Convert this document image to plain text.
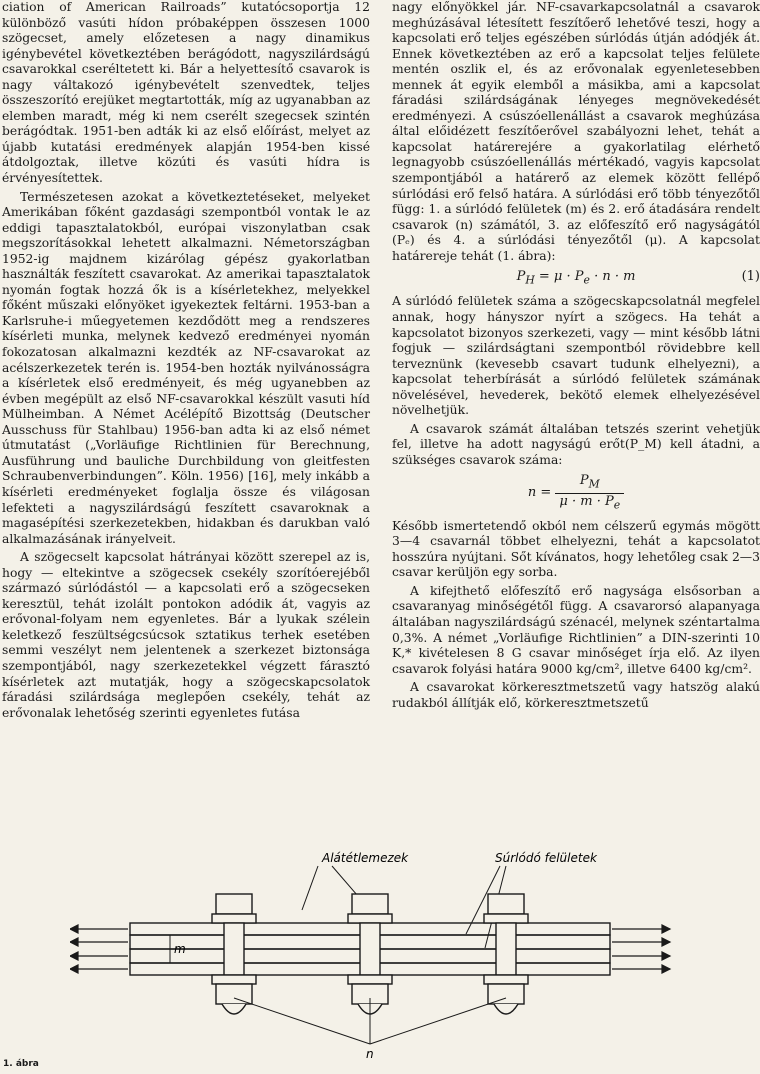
ciation of American Railroads” kutatócsoportja 12 különböző vasúti hídon próbaképpen összesen 1000 szögecset, amely előzetesen a nagy dinamikus igénybevétel következtében berágódott, nagyszilárdságú csavarokkal cseréltetett ki. Bár a helyettesítő csavarok is nagy váltakozó igénybevételt szenvedtek, teljes összeszorító erejüket megtartották, míg az ugyanabban az elemben maradt, még ki nem cserélt szegecsek szintén berágódtak. 1951-ben adták ki az első előírást, melyet az újabb kutatási eredmények alapján 1954-ben kissé átdolgoztak, illetve közúti és vasúti hídra is érvényesítettek.

Természetesen azokat a következtetéseket, melyeket Amerikában főként gazdasági szempontból vontak le az eddigi tapasztalatokból, európai viszonylatban csak megszorításokkal lehetett alkalmazni. Németországban 1952-ig majdnem kizárólag gépész gyakorlatban használták feszített csavarokat. Az amerikai tapasztalatok nyomán fogtak hozzá ők is a kísérletekhez, melyekkel főként műszaki előnyöket igyekeztek feltárni. 1953-ban a Karlsruhe-i műegyetemen kezdődött meg a rendszeres kísérleti munka, melynek kedvező eredményei nyomán fokozatosan alkalmazni kezdték az NF-csavarokat az acélszerkezetek terén is. 1954-ben hozták nyilvánosságra a kísérletek első eredményeit, és még ugyanebben az évben megépült az első NF-csavarokkal készült vasuti híd Mülheimban. A Német Acélépítő Bizottság (Deutscher Ausschuss für Stahlbau) 1956-ban adta ki az első német útmutatást („Vorläufige Richtlinien für Berechnung, Ausführung und bauliche Durchbildung von gleitfesten Schraubenverbindungen”. Köln. 1956) [16], mely inkább a kísérleti eredményeket foglalja össze és világosan lefekteti a nagyszilárdságú feszített csavaroknak a magasépítési szerkezetekben, hidakban és darukban való alkalmazásának irányelveit.

A szögecselt kapcsolat hátrányai között szerepel az is, hogy — eltekintve a szögecsek csekély szorítóerejéből származó súrlódástól — a kapcsolati erő a szögecseken keresztül, tehát izolált pontokon adódik át, vagyis az erővonal-folyam nem egyenletes. Bár a lyukak szélein keletkező feszültségcsúcsok sztatikus terhek esetében semmi veszélyt nem jelentenek a szerkezet biztonsága szempontjából, nagy szerkezetekkel végzett fárasztó kísérletek azt mutatják, hogy a szögecskapcsolatok fáradási szilárdsága meglepően csekély, tehát az erővonalak lehetőség szerinti egyenletes futása

nagy előnyökkel jár. NF-csavarkapcsolatnál a csavarok meghúzásával létesített feszítőerő lehetővé teszi, hogy a kapcsolati erő teljes egészében súrlódás útján adódjék át. Ennek következtében az erő a kapcsolat teljes felülete mentén oszlik el, és az erővonalak egyenletesebben mennek át egyik elemből a másikba, ami a kapcsolat fáradási szilárdságának lényeges megnövekedését eredményezi. A csúszóellenállást a csavarok meghúzása által előidézett feszítőerővel szabályozni lehet, tehát a kapcsolat határerejére a gyakorlatilag elérhető legnagyobb csúszóellenállás mértékadó, vagyis kapcsolat szempontjából a határerő az elemek között fellépő súrlódási erő felső határa. A súrlódási erő több tényezőtől függ: 1. a súrlódó felületek (m) és 2. erő átadására rendelt csavarok (n) számától, 3. az előfeszítő erő nagyságától (Pₑ) és 4. a súrlódási tényezőtől (μ). A kapcsolat határereje tehát (1. ábra):

$P_H = \mu \cdot P_e \cdot n \cdot m$	(1)

A súrlódó felületek száma a szögecskapcsolatnál megfelel annak, hogy hányszor nyírt a szögecs. Ha tehát a kapcsolatot bizonyos szerkezeti, vagy — mint később látni fogjuk — szilárdságtani szempontból rövidebbre kell terveznünk (kevesebb csavart tudunk elhelyezni), a kapcsolat teherbírását a súrlódó felületek számának növelésével, hevederek, bekötő elemek elhelyezésével növelhetjük.

A csavarok számát általában tetszés szerint vehetjük fel, illetve ha adott nagyságú erőt(P_M) kell átadni, a szükséges csavarok száma:

$n = \frac{P_M}{\mu \cdot m \cdot P_e}$

Később ismertetendő okból nem célszerű egymás mögött 3—4 csavarnál többet elhelyezni, tehát a kapcsolatot hosszúra nyújtani. Sőt kívánatos, hogy lehetőleg csak 2—3 csavar kerüljön egy sorba.

A kifejthető előfeszítő erő nagysága elsősorban a csavaranyag minőségétől függ. A csavarorsó alapanyaga általában nagyszilárdságú szénacél, melynek széntartalma 0,3%. A német „Vorläufige Richtlinien” a DIN-szerinti 10 K,* kivételesen 8 G csavar minőséget írja elő. Az ilyen csavarok folyási határa 9000 kg/cm², illetve 6400 kg/cm².

A csavarokat körkeresztmetszetű vagy hatszög alakú rudakból állítják elő, körkeresztmetszetű

Alátétlemezek	Súrlódó felületek
m
n
1. ábra
